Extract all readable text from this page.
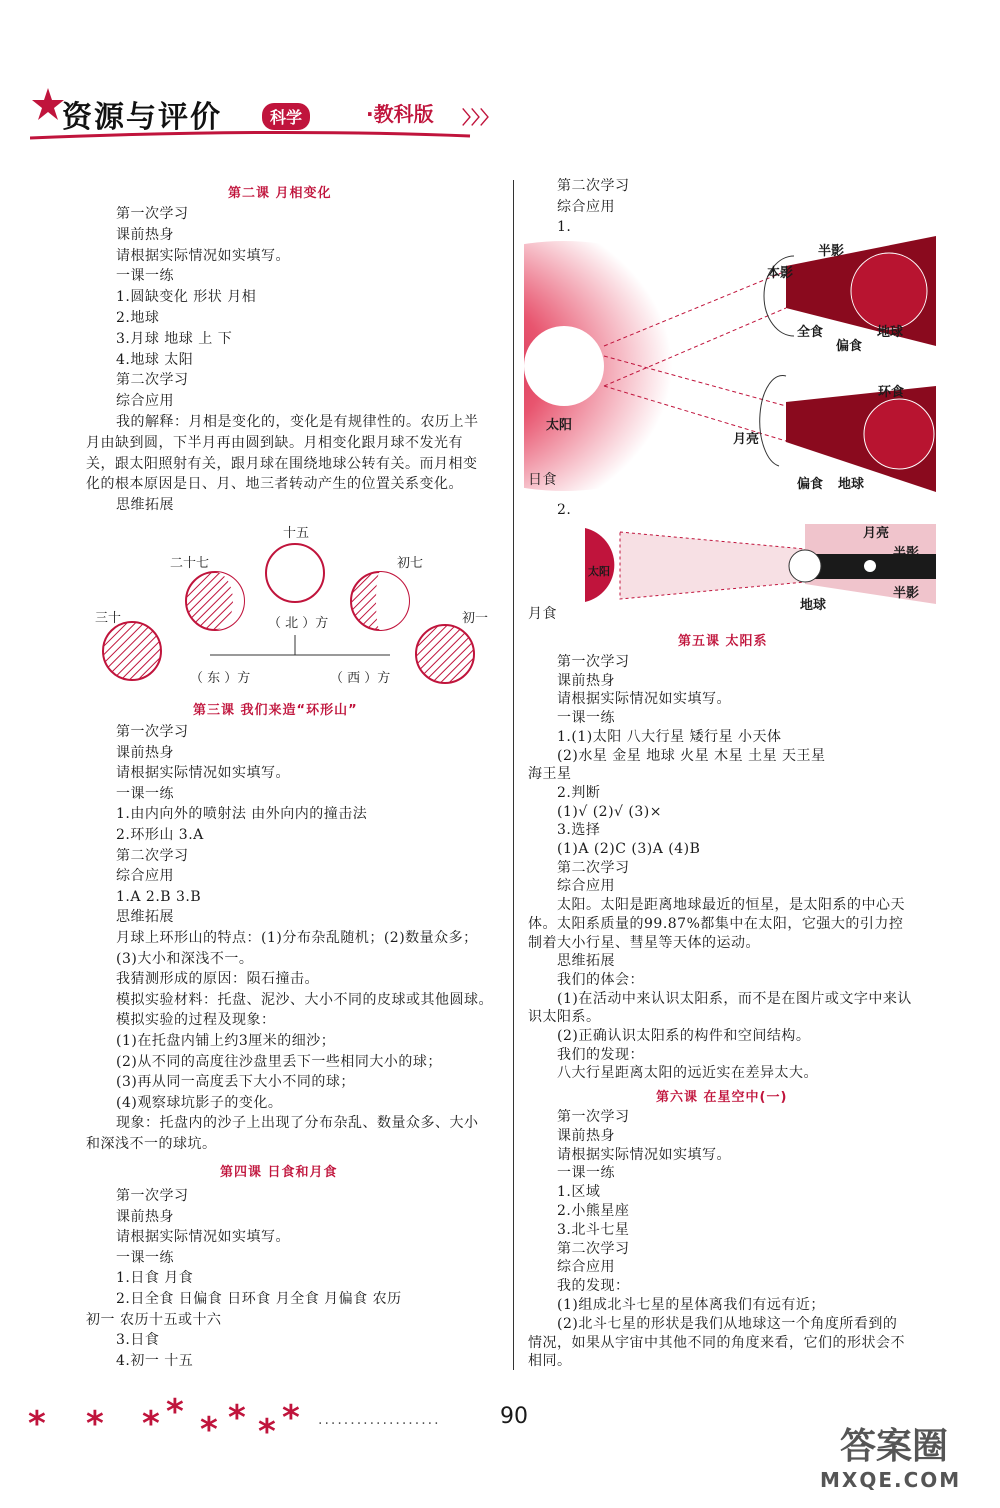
资源与评价	科学	·教科版 〉〉〉
第二课 月相变化
第一次学习
课前热身
请根据实际情况如实填写。
一课一练
1.圆缺变化 形状 月相
2.地球
3.月球 地球 上 下
4.地球 太阳
第二次学习
综合应用
我的解释：月相是变化的，变化是有规律性的。农历上半
月由缺到圆，下半月再由圆到缺。月相变化跟月球不发光有
关，跟太阳照射有关，跟月球在围绕地球公转有关。而月相变
化的根本原因是日、月、地三者转动产生的位置关系变化。
思维拓展
十五
二十七	初七
三十	初一
（ 北 ）方
（ 东 ）方	（ 西 ）方
第三课 我们来造“环形山”
第一次学习
课前热身
请根据实际情况如实填写。
一课一练
1.由内向外的喷射法 由外向内的撞击法
2.环形山 3.A
第二次学习
综合应用
1.A 2.B 3.B
思维拓展
月球上环形山的特点：(1)分布杂乱随机；(2)数量众多；
(3)大小和深浅不一。
我猜测形成的原因：陨石撞击。
模拟实验材料：托盘、泥沙、大小不同的皮球或其他圆球。
模拟实验的过程及现象：
(1)在托盘内铺上约3厘米的细沙；
(2)从不同的高度往沙盘里丢下一些相同大小的球；
(3)再从同一高度丢下大小不同的球；
(4)观察球坑影子的变化。
现象：托盘内的沙子上出现了分布杂乱、数量众多、大小
和深浅不一的球坑。
第四课 日食和月食
第一次学习
课前热身
请根据实际情况如实填写。
一课一练
1.日食 月食
2.日全食 日偏食 日环食 月全食 月偏食 农历
初一 农历十五或十六
3.日食
4.初一 十五
第二次学习
综合应用
1.
半影
本影
全食
偏食
地球
太阳
环食
月亮
偏食 地球
日食
2.
月亮
半影
太阳
半影
地球
月食
第五课 太阳系
第一次学习
课前热身
请根据实际情况如实填写。
一课一练
1.(1)太阳 八大行星 矮行星 小天体
(2)水星 金星 地球 火星 木星 土星 天王星
海王星
2.判断
(1)√ (2)√ (3)×
3.选择
(1)A (2)C (3)A (4)B
第二次学习
综合应用
太阳。太阳是距离地球最近的恒星，是太阳系的中心天
体。太阳系质量的99.87%都集中在太阳，它强大的引力控
制着大小行星、彗星等天体的运动。
思维拓展
我们的体会：
(1)在活动中来认识太阳系，而不是在图片或文字中来认
识太阳系。
(2)正确认识太阳系的构件和空间结构。
我们的发现：
八大行星距离太阳的远近实在差异太大。
第六课 在星空中(一)
第一次学习
课前热身
请根据实际情况如实填写。
一课一练
1.区域
2.小熊星座
3.北斗七星
第二次学习
综合应用
我的发现：
(1)组成北斗七星的星体离我们有远有近；
(2)北斗七星的形状是我们从地球这一个角度所看到的
情况，如果从宇宙中其他不同的角度来看，它们的形状会不
相同。
* * * * * * * * ...................	90
答案圈
MXQE.COM
